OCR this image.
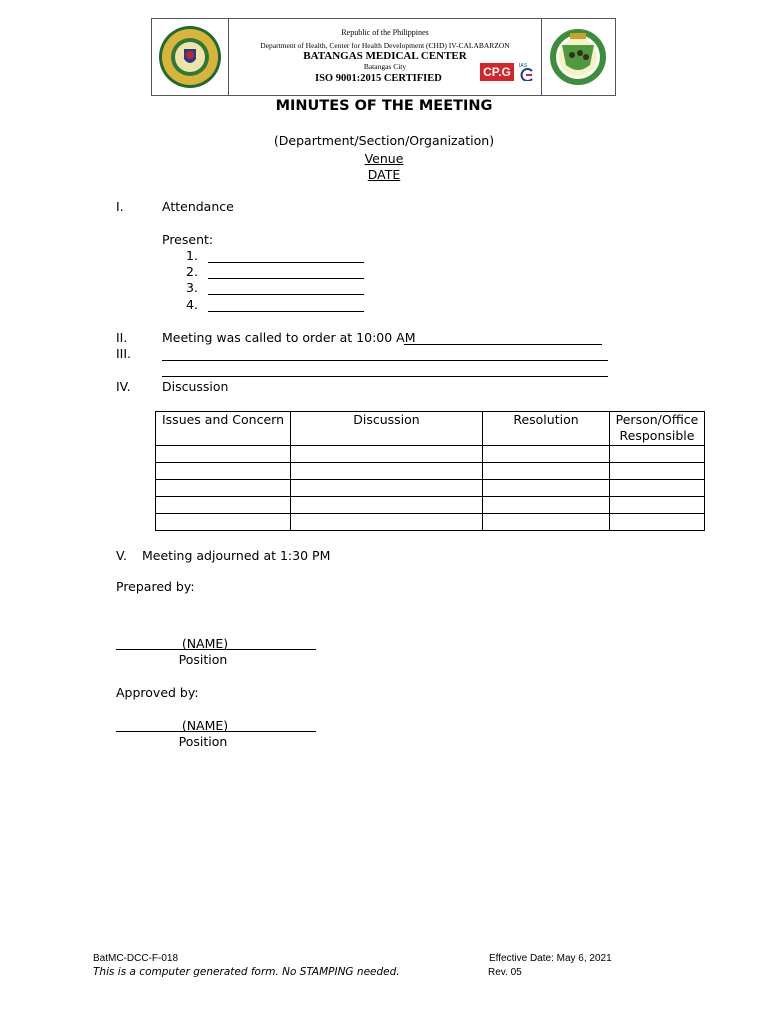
Republic of the Philippines
Department of Health, Center for Health Development (CHD) IV-CALABARZON
BATANGAS MEDICAL CENTER
Batangas City
ISO 9001:2015 CERTIFIED	CP.G	IAS
MINUTES OF THE MEETING
(Department/Section/Organization)
Venue
DATE
I.	Attendance
Present:
1.
2.
3.
4.
II.	Meeting was called to order at 10:00 AM
III.
IV.	Discussion
Issues and Concern	Discussion	Resolution	Person/Office Responsible

V. Meeting adjourned at 1:30 PM
Prepared by:
(NAME)
Position
Approved by:
(NAME)
Position
BatMC-DCC-F-018
This is a computer generated form. No STAMPING needed.
Effective Date: May 6, 2021
Rev. 05
